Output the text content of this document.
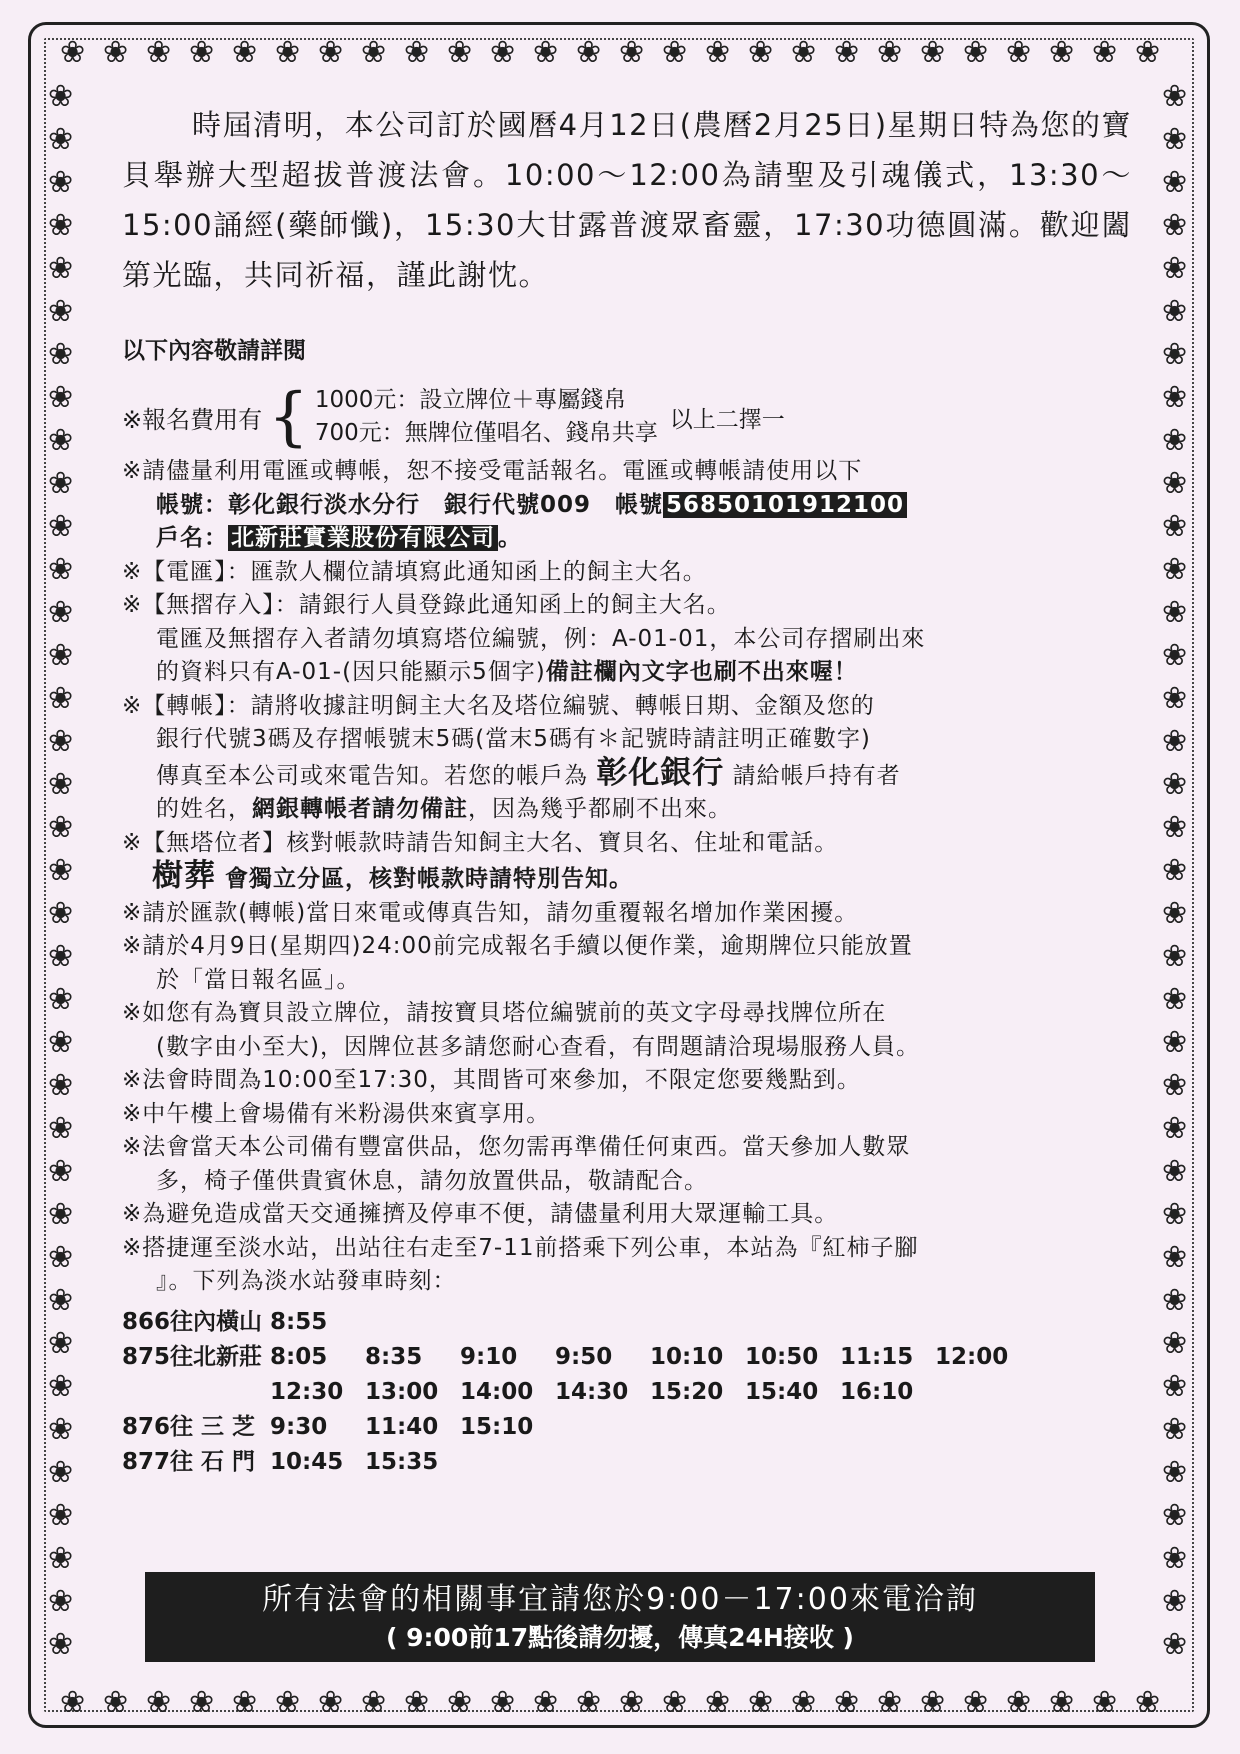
❀
❀
❀
❀
❀
❀
❀
❀
❀
❀
❀
❀
❀
❀
❀
❀
❀
❀
❀
❀
❀
❀
❀
❀
❀
❀
❀
❀
❀
❀
❀
❀
❀
❀
❀
❀
❀
❀
❀
❀
❀
❀
❀
❀
❀
❀
❀
❀
❀
❀
❀
❀
❀	❀
❀	❀
❀	❀
❀	❀
❀	❀
❀	❀
❀	❀
❀	❀
❀	❀
❀	❀
❀	❀
❀	❀
❀	❀
❀	❀
❀	❀
❀	❀
❀	❀
❀	❀
❀	❀
❀	❀
❀	❀
❀	❀
❀	❀
❀	❀
❀	❀
❀	❀
❀	❀
❀	❀
❀	❀
❀	❀
❀	❀
❀	❀
❀	❀
❀	❀
❀	❀
❀	❀
❀	❀

時屆清明，本公司訂於國曆4月12日(農曆2月25日)星期日特為您的寶貝舉辦大型超拔普渡法會。10:00～12:00為請聖及引魂儀式，13:30～15:00誦經(藥師懺)，15:30大甘露普渡眾畜靈，17:30功德圓滿。歡迎闔第光臨，共同祈福，謹此謝忱。

以下內容敬請詳閱

※報名費用有 { 1000元：設立牌位＋專屬錢帛
700元：無牌位僅唱名、錢帛共享
以上二擇一

※請儘量利用電匯或轉帳，恕不接受電話報名。電匯或轉帳請使用以下

帳號：彰化銀行淡水分行　銀行代號009　帳號 56850101912100

戶名： 北新莊實業股份有限公司 。

※【電匯】：匯款人欄位請填寫此通知函上的飼主大名。

※【無摺存入】：請銀行人員登錄此通知函上的飼主大名。

電匯及無摺存入者請勿填寫塔位編號，例：A-01-01，本公司存摺刷出來

的資料只有A-01-(因只能顯示5個字)備註欄內文字也刷不出來喔！

※【轉帳】：請將收據註明飼主大名及塔位編號、轉帳日期、金額及您的

銀行代號3碼及存摺帳號末5碼(當末5碼有＊記號時請註明正確數字)

傳真至本公司或來電告知。若您的帳戶為 彰化銀行 請給帳戶持有者

的姓名，網銀轉帳者請勿備註，因為幾乎都刷不出來。

※【無塔位者】核對帳款時請告知飼主大名、寶貝名、住址和電話。

樹葬 會獨立分區，核對帳款時請特別告知。

※請於匯款(轉帳)當日來電或傳真告知，請勿重覆報名增加作業困擾。

※請於4月9日(星期四)24:00前完成報名手續以便作業，逾期牌位只能放置

於「當日報名區」。

※如您有為寶貝設立牌位，請按寶貝塔位編號前的英文字母尋找牌位所在

(數字由小至大)，因牌位甚多請您耐心查看，有問題請洽現場服務人員。

※法會時間為10:00至17:30，其間皆可來參加，不限定您要幾點到。

※中午樓上會場備有米粉湯供來賓享用。

※法會當天本公司備有豐富供品，您勿需再準備任何東西。當天參加人數眾

多，椅子僅供貴賓休息，請勿放置供品，敬請配合。

※為避免造成當天交通擁擠及停車不便，請儘量利用大眾運輸工具。

※搭捷運至淡水站，出站往右走至7-11前搭乘下列公車，本站為『紅柿子腳

』。下列為淡水站發車時刻：

866往內橫山 8:55
875往北新莊 8:05	8:35	9:10	9:50	10:10 10:50 11:15 12:00
12:30 13:00 14:00 14:30 15:20 15:40 16:10
876往 三 芝 9:30	11:40 15:10
877往 石 門 10:45 15:35
所有法會的相關事宜請您於9:00－17:00來電洽詢
( 9:00前17點後請勿擾，傳真24H接收 )
